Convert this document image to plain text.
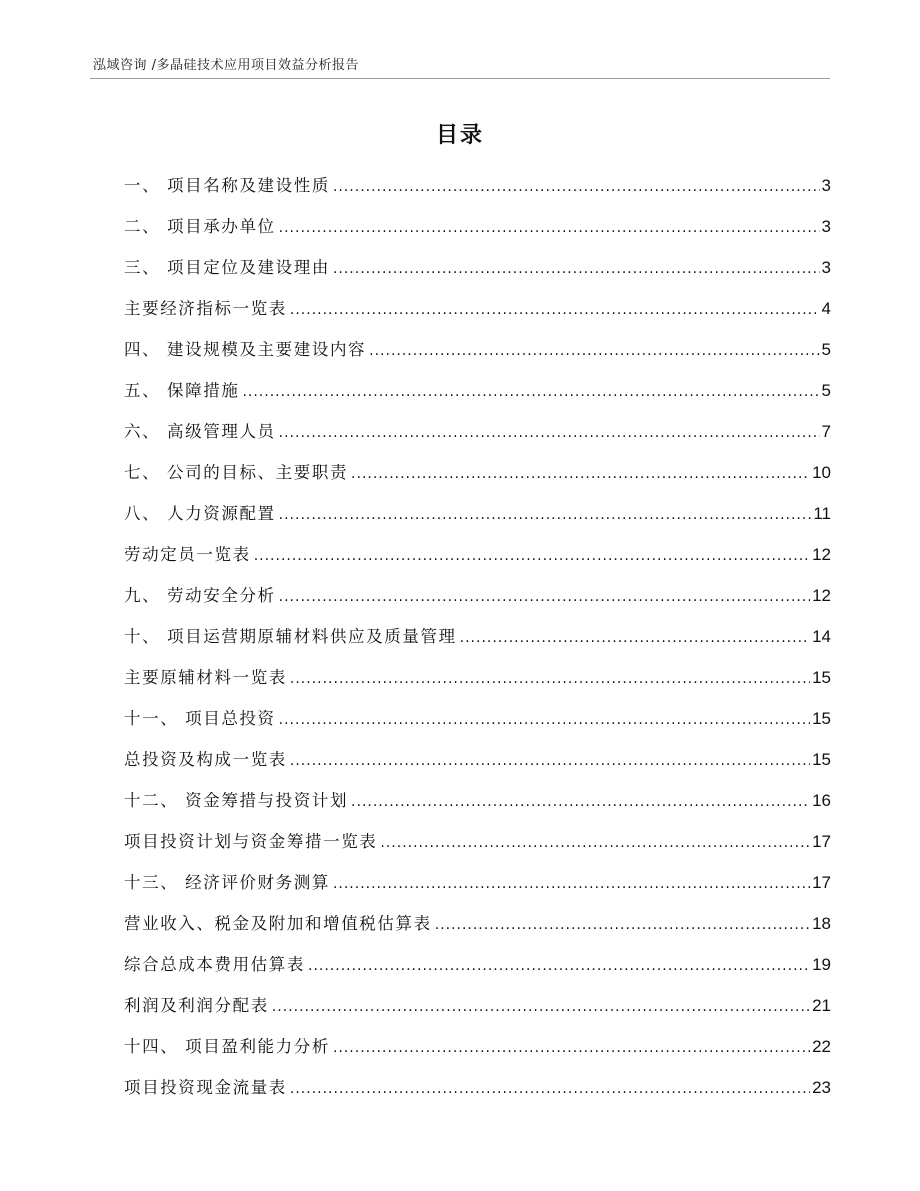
泓域咨询 /多晶硅技术应用项目效益分析报告
目录
一、 项目名称及建设性质 .....	3
二、 项目承办单位 .....	3
三、 项目定位及建设理由 .....	3
主要经济指标一览表 .....	4
四、 建设规模及主要建设内容 .....	5
五、 保障措施 .....	5
六、 高级管理人员 .....	7
七、 公司的目标、主要职责 .....	10
八、 人力资源配置 .....	11
劳动定员一览表 .....	12
九、 劳动安全分析 .....	12
十、 项目运营期原辅材料供应及质量管理 .....	14
主要原辅材料一览表 .....	15
十一、 项目总投资 .....	15
总投资及构成一览表 .....	15
十二、 资金筹措与投资计划 .....	16
项目投资计划与资金筹措一览表 .....	17
十三、 经济评价财务测算 .....	17
营业收入、税金及附加和增值税估算表 .....	18
综合总成本费用估算表 .....	19
利润及利润分配表 .....	21
十四、 项目盈利能力分析 .....	22
项目投资现金流量表 .....	23
